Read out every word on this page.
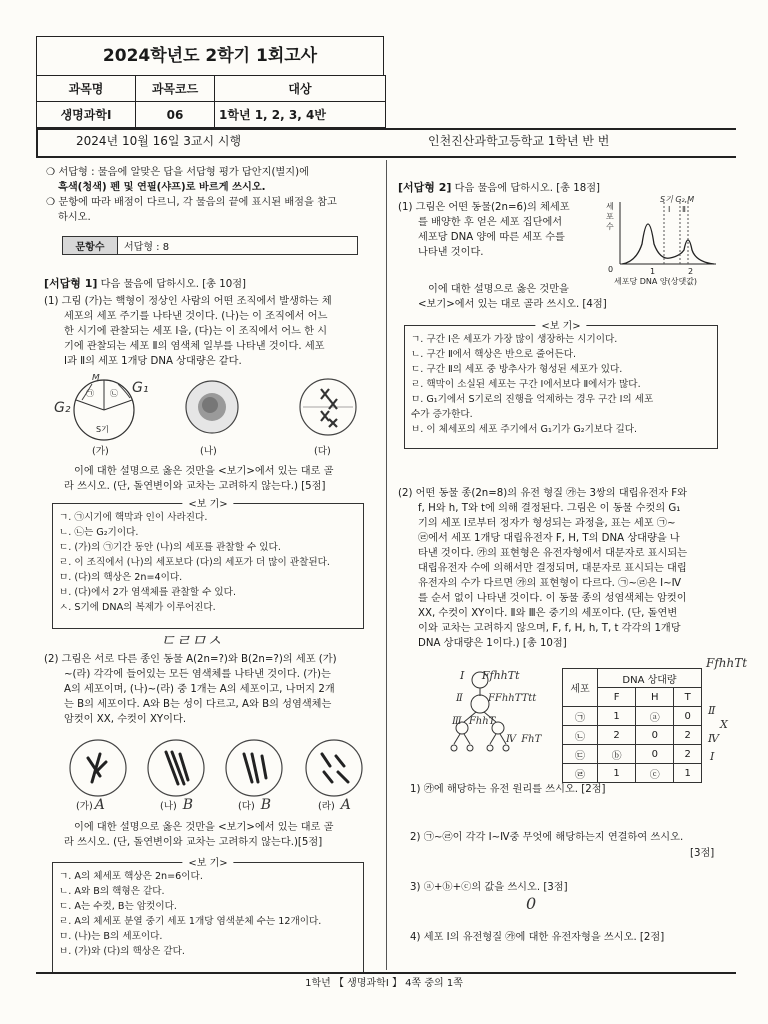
2024학년도 2학기 1회고사
과목명	과목코드	대상
생명과학Ⅰ	06	1학년 1, 2, 3, 4반
2024년 10월 16일 3교시 시행	인천진산과학고등학교 1학년 반 번
❍ 서답형 : 물음에 알맞은 답을 서답형 평가 답안지(별지)에
흑색(청색) 펜 및 연필(샤프)로 바르게 쓰시오.
❍ 문항에 따라 배점이 다르니, 각 물음의 끝에 표시된 배점을 참고
하시오.
문항수	서답형 : 8
[서답형 1] 다음 물음에 답하시오. [총 10점]
(1) 그림 (가)는 핵형이 정상인 사람의 어떤 조직에서 발생하는 체
세포의 세포 주기를 나타낸 것이다. (나)는 이 조직에서 어느
한 시기에 관찰되는 세포 Ⅰ을, (다)는 이 조직에서 어느 한 시
기에 관찰되는 세포 Ⅱ의 염색체 일부를 나타낸 것이다. 세포
Ⅰ과 Ⅱ의 세포 1개당 DNA 상대량은 같다.
S기
㉠ ㉡
G₂
G₁
M
(가)	(나)	(다)
이에 대한 설명으로 옳은 것만을 <보기>에서 있는 대로 골
라 쓰시오. (단, 돌연변이와 교차는 고려하지 않는다.) [5점]
<보 기>
ㄱ. ㉠시기에 핵막과 인이 사라진다.
ㄴ. ㉡는 G₂기이다.
ㄷ. (가)의 ㉠기간 동안 (나)의 세포를 관찰할 수 있다.
ㄹ. 이 조직에서 (나)의 세포보다 (다)의 세포가 더 많이 관찰된다.
ㅁ. (다)의 핵상은 2n=4이다.
ㅂ. (다)에서 2가 염색체를 관찰할 수 있다.
ㅅ. S기에 DNA의 복제가 이루어진다.
ㄷㄹㅁㅅ
(2) 그림은 서로 다른 종인 동물 A(2n=?)와 B(2n=?)의 세포 (가)
~(라) 각각에 들어있는 모든 염색체를 나타낸 것이다. (가)는
A의 세포이며, (나)~(라) 중 1개는 A의 세포이고, 나머지 2개
는 B의 세포이다. A와 B는 성이 다르고, A와 B의 성염색체는
암컷이 XX, 수컷이 XY이다.
(가) A	(나) B	(다) B	(라) A
이에 대한 설명으로 옳은 것만을 <보기>에서 있는 대로 골
라 쓰시오. (단, 돌연변이와 교차는 고려하지 않는다.)[5점]
<보 기>
ㄱ. A의 체세포 핵상은 2n=6이다.
ㄴ. A와 B의 핵형은 같다.
ㄷ. A는 수컷, B는 암컷이다.
ㄹ. A의 체세포 분열 중기 세포 1개당 염색분체 수는 12개이다.
ㅁ. (나)는 B의 세포이다.
ㅂ. (가)와 (다)의 핵상은 같다.
[서답형 2] 다음 물음에 답하시오. [총 18점]
(1) 그림은 어떤 동물(2n=6)의 체세포
를 배양한 후 얻은 세포 집단에서
세포당 DNA 양에 따른 세포 수를
나타낸 것이다.
Ⅰ Ⅱ
S기 G₂,M
0	1	2
세포당 DNA 양(상댓값)
세포 수
이에 대한 설명으로 옳은 것만을
<보기>에서 있는 대로 골라 쓰시오. [4점]
<보 기>
ㄱ. 구간 Ⅰ은 세포가 가장 많이 생장하는 시기이다.
ㄴ. 구간 Ⅱ에서 핵상은 반으로 줄어든다.
ㄷ. 구간 Ⅱ의 세포 중 방추사가 형성된 세포가 있다.
ㄹ. 핵막이 소실된 세포는 구간 Ⅰ에서보다 Ⅱ에서가 많다.
ㅁ. G₁기에서 S기로의 진행을 억제하는 경우 구간 Ⅰ의 세포
수가 증가한다.
ㅂ. 이 체세포의 세포 주기에서 G₁기가 G₂기보다 길다.
(2) 어떤 동물 종(2n=8)의 유전 형질 ㉮는 3쌍의 대립유전자 F와
f, H와 h, T와 t에 의해 결정된다. 그림은 이 동물 수컷의 G₁
기의 세포 Ⅰ로부터 정자가 형성되는 과정을, 표는 세포 ㉠~
㉣에서 세포 1개당 대립유전자 F, H, T의 DNA 상대량을 나
타낸 것이다. ㉮의 표현형은 유전자형에서 대문자로 표시되는
대립유전자 수에 의해서만 결정되며, 대문자로 표시되는 대립
유전자의 수가 다르면 ㉮의 표현형이 다르다. ㉠~㉣은 Ⅰ~Ⅳ
를 순서 없이 나타낸 것이다. 이 동물 종의 성염색체는 암컷이
XX, 수컷이 XY이다. Ⅱ와 Ⅲ은 중기의 세포이다. (단, 돌연변
이와 교차는 고려하지 않으며, F, f, H, h, T, t 각각의 1개당
DNA 상대량은 1이다.) [총 10점]
Ⅰ FfhhTt
Ⅱ	FFhhTTtt
Ⅲ FhhT
Ⅳ FhT
세포	DNA 상대량		
	F	H	T
㉠	1	ⓐ	0
㉡	2	0	2
㉢	ⓑ	0	2
㉣	1	ⓒ	1
FfhhTt
Ⅱ
Ⅹ
Ⅳ
Ⅰ
1) ㉮에 해당하는 유전 원리를 쓰시오. [2점]
2) ㉠~㉣이 각각 Ⅰ~Ⅳ중 무엇에 해당하는지 연결하여 쓰시오.
[3점]
3) ⓐ+ⓑ+ⓒ의 값을 쓰시오. [3점]
0
4) 세포 Ⅰ의 유전형질 ㉮에 대한 유전자형을 쓰시오. [2점]
1학년 【 생명과학Ⅰ 】 4쪽 중의 1쪽
